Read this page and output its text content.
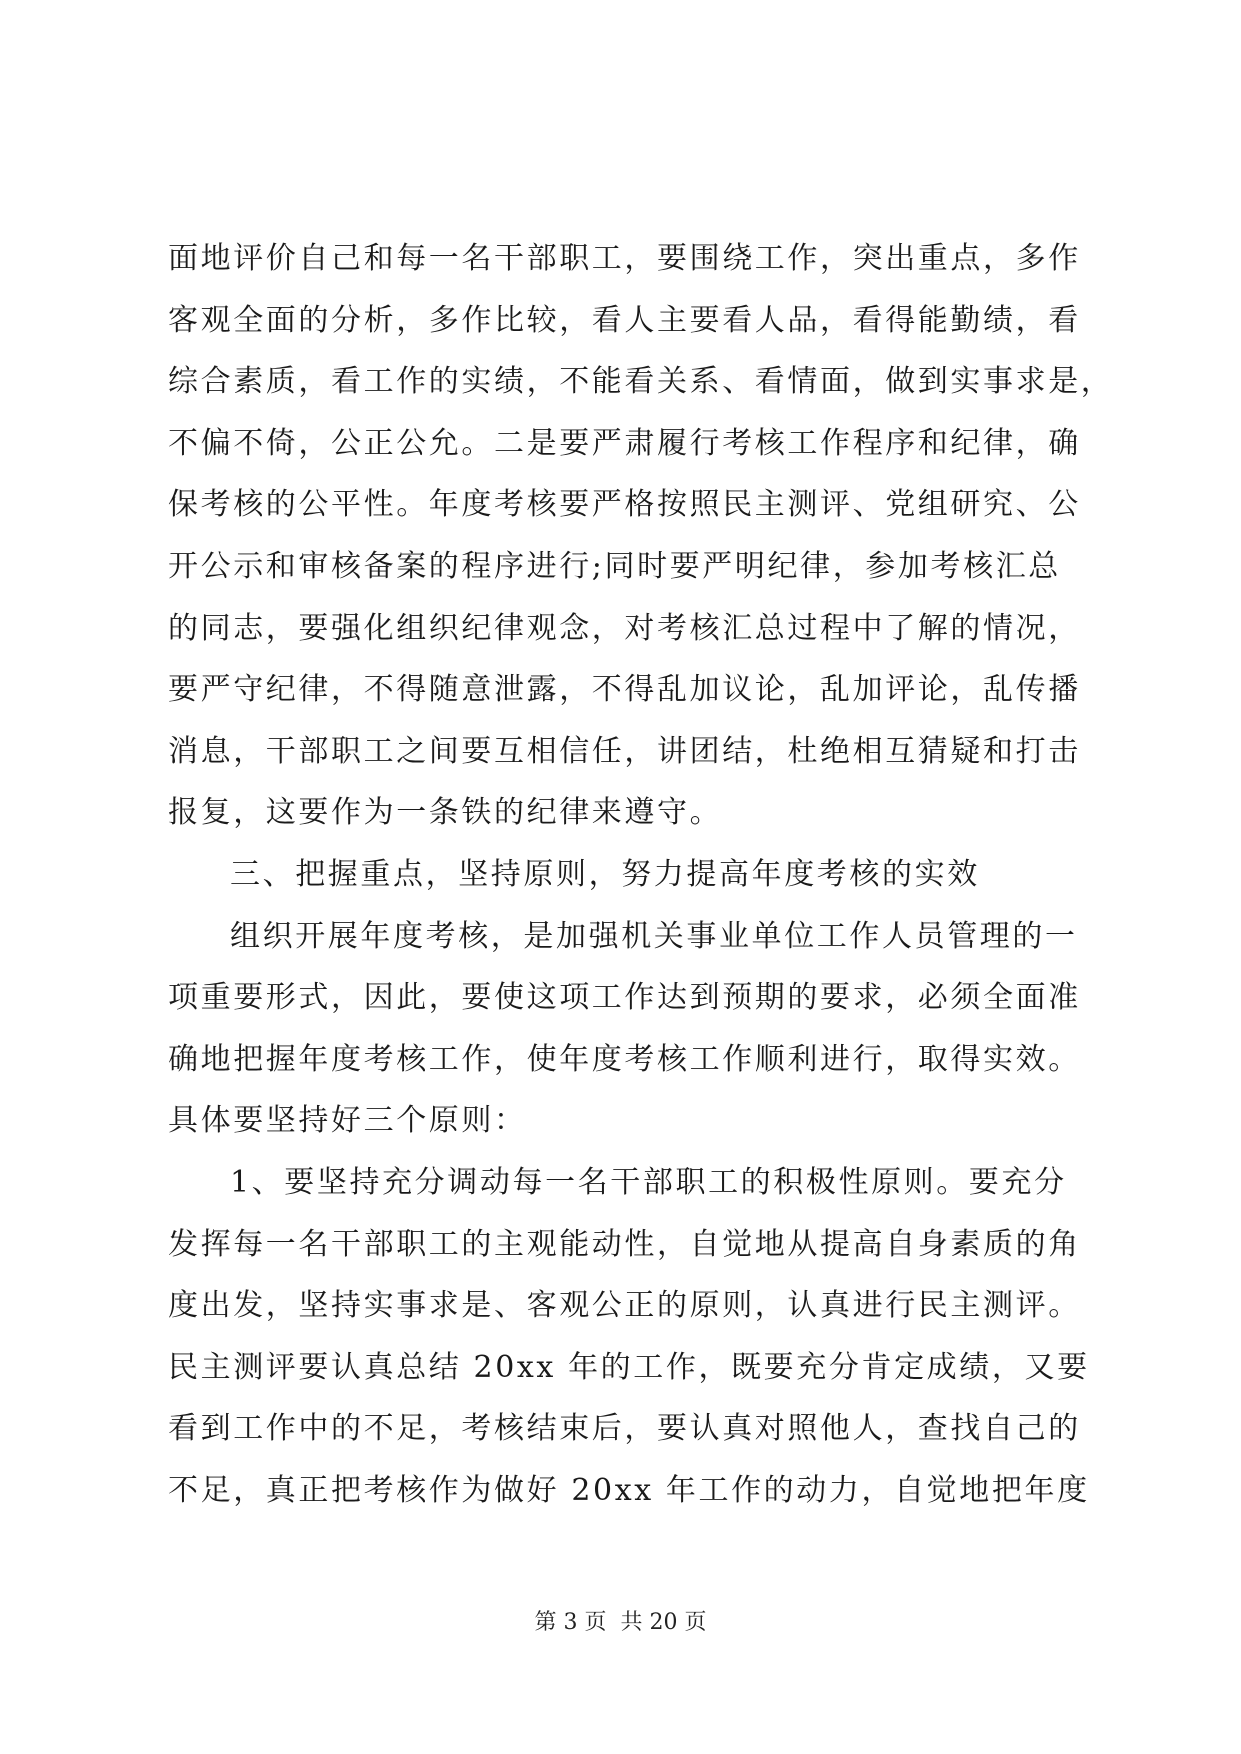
面地评价自己和每一名干部职工，要围绕工作，突出重点，多作
客观全面的分析，多作比较，看人主要看人品，看得能勤绩，看
综合素质，看工作的实绩，不能看关系、看情面，做到实事求是，
不偏不倚，公正公允。二是要严肃履行考核工作程序和纪律，确
保考核的公平性。年度考核要严格按照民主测评、党组研究、公
开公示和审核备案的程序进行;同时要严明纪律，参加考核汇总
的同志，要强化组织纪律观念，对考核汇总过程中了解的情况，
要严守纪律，不得随意泄露，不得乱加议论，乱加评论，乱传播
消息，干部职工之间要互相信任，讲团结，杜绝相互猜疑和打击
报复，这要作为一条铁的纪律来遵守。
三、把握重点，坚持原则，努力提高年度考核的实效
组织开展年度考核，是加强机关事业单位工作人员管理的一
项重要形式，因此，要使这项工作达到预期的要求，必须全面准
确地把握年度考核工作，使年度考核工作顺利进行，取得实效。
具体要坚持好三个原则：
1、要坚持充分调动每一名干部职工的积极性原则。要充分
发挥每一名干部职工的主观能动性，自觉地从提高自身素质的角
度出发，坚持实事求是、客观公正的原则，认真进行民主测评。
民主测评要认真总结 20xx 年的工作，既要充分肯定成绩，又要
看到工作中的不足，考核结束后，要认真对照他人，查找自己的
不足，真正把考核作为做好 20xx 年工作的动力，自觉地把年度
第 3 页  共 20 页
